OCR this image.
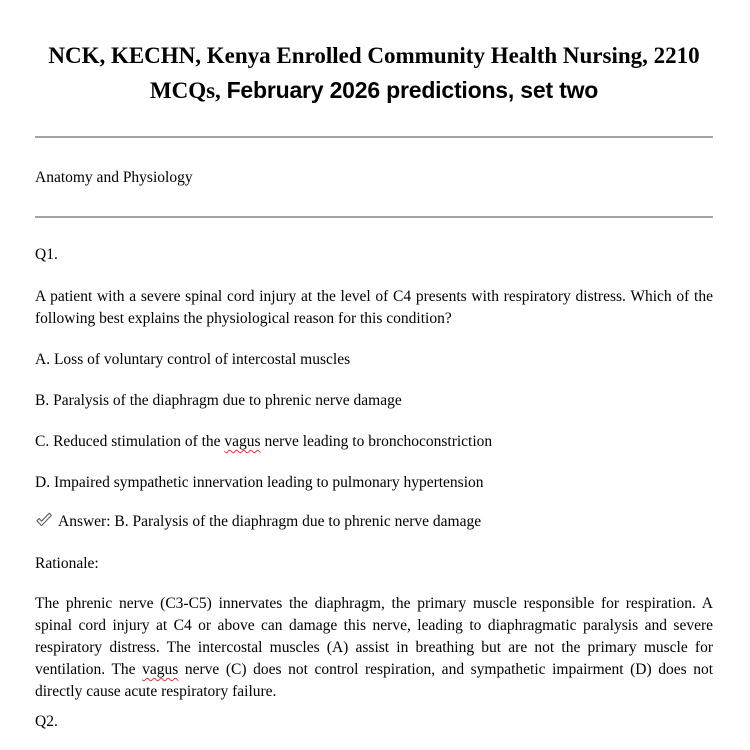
NCK, KECHN, Kenya Enrolled Community Health Nursing, 2210 MCQs, February 2026 predictions, set two

Anatomy and Physiology

Q1.

A patient with a severe spinal cord injury at the level of C4 presents with respiratory distress. Which of the following best explains the physiological reason for this condition?

A. Loss of voluntary control of intercostal muscles

B. Paralysis of the diaphragm due to phrenic nerve damage

C. Reduced stimulation of the vagus nerve leading to bronchoconstriction

D. Impaired sympathetic innervation leading to pulmonary hypertension

Answer: B. Paralysis of the diaphragm due to phrenic nerve damage

Rationale:

The phrenic nerve (C3-C5) innervates the diaphragm, the primary muscle responsible for respiration. A spinal cord injury at C4 or above can damage this nerve, leading to diaphragmatic paralysis and severe respiratory distress. The intercostal muscles (A) assist in breathing but are not the primary muscle for ventilation. The vagus nerve (C) does not control respiration, and sympathetic impairment (D) does not directly cause acute respiratory failure.

Q2.
